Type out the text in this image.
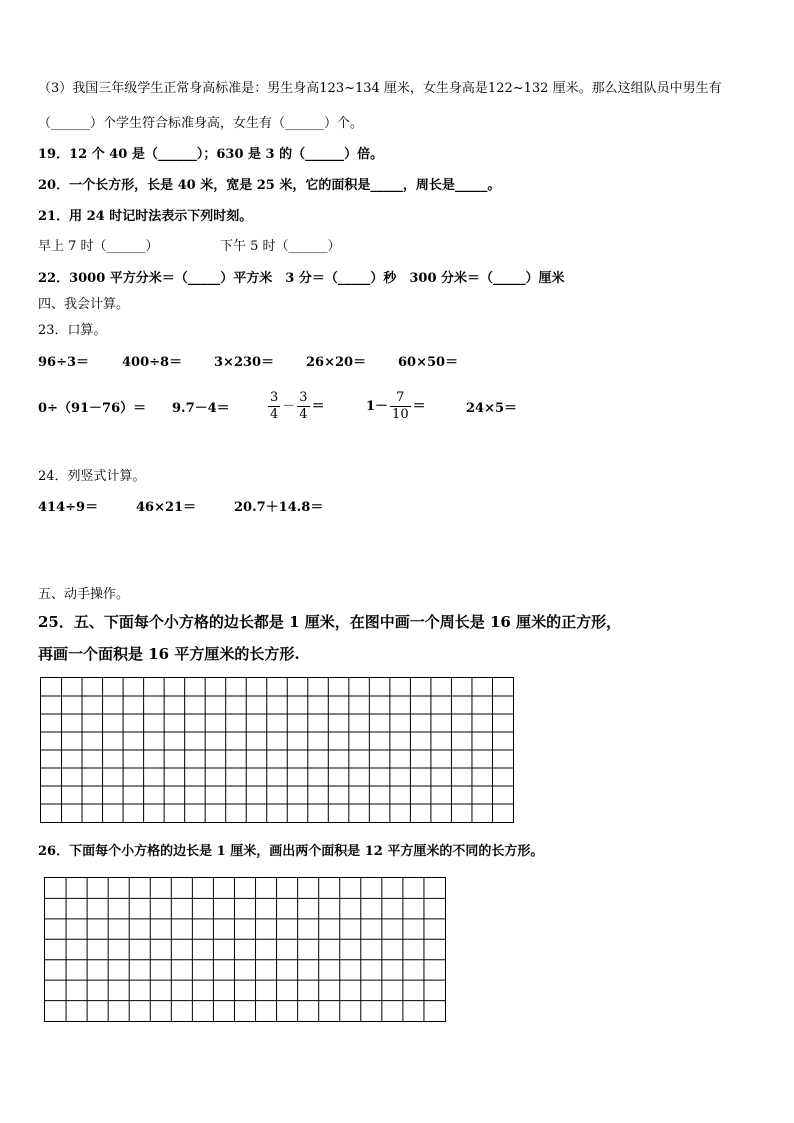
（3）我国三年级学生正常身高标准是：男生身高123~134 厘米，女生身高是122~132 厘米。那么这组队员中男生有
（______）个学生符合标准身高，女生有（______）个。
19．12 个 40 是（______）；630 是 3 的（______）倍。
20．一个长方形，长是 40 米，宽是 25 米，它的面积是_____，周长是_____。
21．用 24 时记时法表示下列时刻。
早上 7 时（______）	下午 5 时（______）
22．3000 平方分米＝（_____）平方米　3 分＝（_____）秒　300 分米＝（_____）厘米
四、我会计算。
23．口算。
96÷3＝	400÷8＝ 3×230＝ 26×20＝ 60×50＝
0÷（91－76）＝ 9.7－4＝	$\frac{3}{4} - \frac{3}{4}$ ＝	$1- \frac{7}{10}$ ＝	24×5＝
24．列竖式计算。
414÷9＝	46×21＝	20.7＋14.8＝
五、动手操作。
25．五、下面每个小方格的边长都是 1 厘米，在图中画一个周长是 16 厘米的正方形，
再画一个面积是 16 平方厘米的长方形.
26．下面每个小方格的边长是 1 厘米，画出两个面积是 12 平方厘米的不同的长方形。
